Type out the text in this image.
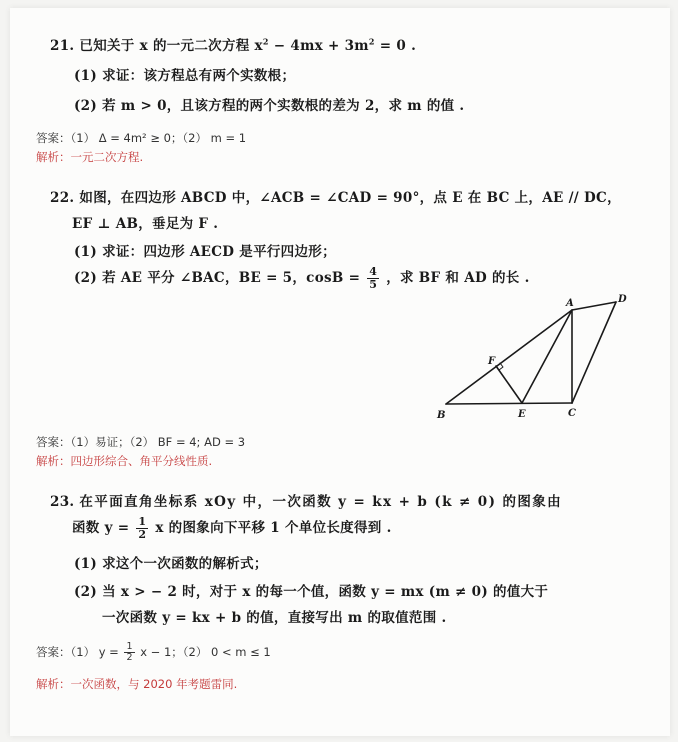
21. 已知关于 x 的一元二次方程 $x^2 - 4mx + 3m^2 = 0$ .
(1) 求证：该方程总有两个实数根；
(2) 若 m > 0，且该方程的两个实数根的差为 2，求 m 的值 .
答案：（1） Δ = 4m² ≥ 0；（2） m = 1
解析：一元二次方程.
22. 如图，在四边形 ABCD 中，∠ACB = ∠CAD = 90°，点 E 在 BC 上，AE // DC，
EF ⊥ AB，垂足为 F .
(1) 求证：四边形 AECD 是平行四边形；
(2) 若 AE 平分 ∠BAC，BE = 5，$\cos B = \frac{4}{5}$ ，求 BF 和 AD 的长 .
A	D
B	E	C
F
答案：（1）易证；（2） BF = 4; AD = 3
解析：四边形综合、角平分线性质.
23. 在平面直角坐标系 xOy 中，一次函数 y = kx + b (k ≠ 0) 的图象由
函数 $y = \frac{1}{2}$ x 的图象向下平移 1 个单位长度得到 .
(1) 求这个一次函数的解析式；
(2) 当 x > − 2 时，对于 x 的每一个值，函数 y = mx (m ≠ 0) 的值大于
一次函数 y = kx + b 的值，直接写出 m 的取值范围 .
答案：（1） $y = \frac{1}{2}$ x − 1；（2） 0 < m ≤ 1
解析：一次函数，与 2020 年考题雷同.
